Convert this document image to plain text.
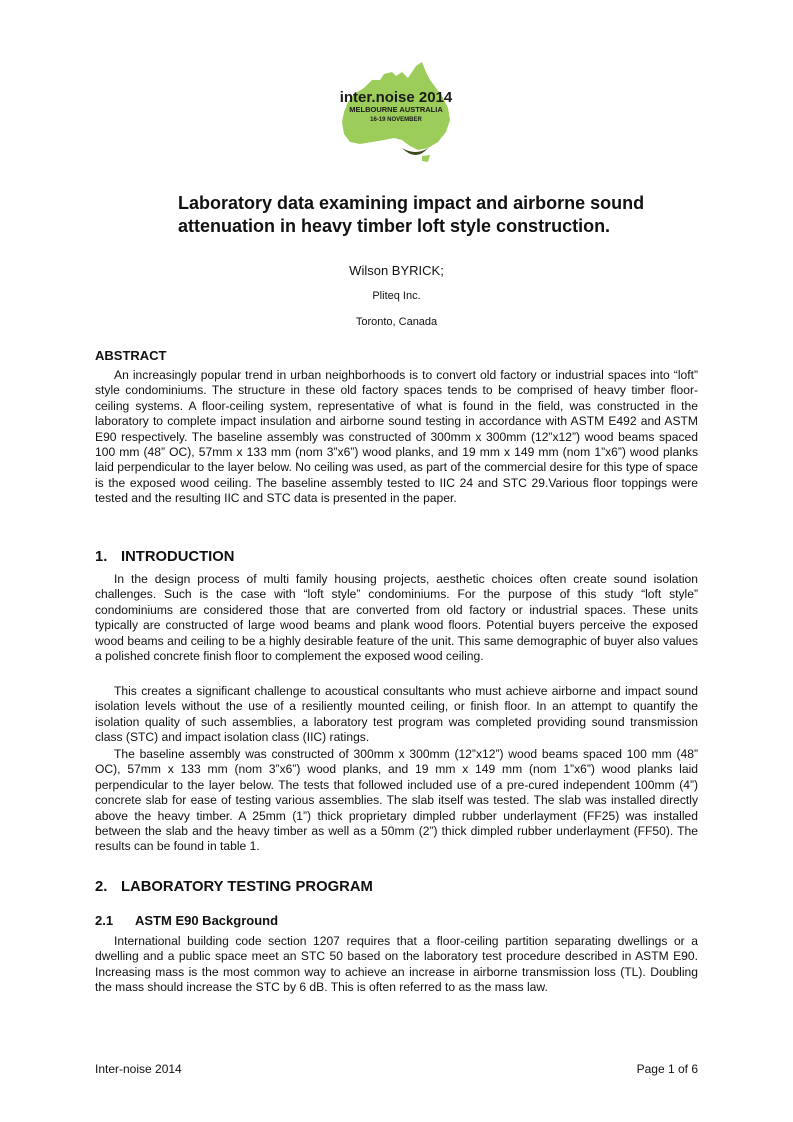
inter.noise 2014
MELBOURNE AUSTRALIA
16-19 NOVEMBER
Laboratory data examining impact and airborne sound
attenuation in heavy timber loft style construction.
Wilson BYRICK;
Pliteq Inc.
Toronto, Canada
ABSTRACT

An increasingly popular trend in urban neighborhoods is to convert old factory or industrial spaces into “loft” style condominiums. The structure in these old factory spaces tends to be comprised of heavy timber floor-ceiling systems. A floor-ceiling system, representative of what is found in the field, was constructed in the laboratory to complete impact insulation and airborne sound testing in accordance with ASTM E492 and ASTM E90 respectively. The baseline assembly was constructed of 300mm x 300mm (12”x12”) wood beams spaced 100 mm (48” OC), 57mm x 133 mm (nom 3”x6”) wood planks, and 19 mm x 149 mm (nom 1”x6”) wood planks laid perpendicular to the layer below. No ceiling was used, as part of the commercial desire for this type of space is the exposed wood ceiling. The baseline assembly tested to IIC 24 and STC 29.Various floor toppings were tested and the resulting IIC and STC data is presented in the paper.

1. INTRODUCTION

In the design process of multi family housing projects, aesthetic choices often create sound isolation challenges. Such is the case with “loft style” condominiums. For the purpose of this study “loft style” condominiums are considered those that are converted from old factory or industrial spaces. These units typically are constructed of large wood beams and plank wood floors. Potential buyers perceive the exposed wood beams and ceiling to be a highly desirable feature of the unit. This same demographic of buyer also values a polished concrete finish floor to complement the exposed wood ceiling.

This creates a significant challenge to acoustical consultants who must achieve airborne and impact sound isolation levels without the use of a resiliently mounted ceiling, or finish floor. In an attempt to quantify the isolation quality of such assemblies, a laboratory test program was completed providing sound transmission class (STC) and impact isolation class (IIC) ratings.

The baseline assembly was constructed of 300mm x 300mm (12”x12”) wood beams spaced 100 mm (48” OC), 57mm x 133 mm (nom 3”x6”) wood planks, and 19 mm x 149 mm (nom 1”x6”) wood planks laid perpendicular to the layer below. The tests that followed included use of a pre-cured independent 100mm (4”) concrete slab for ease of testing various assemblies. The slab itself was tested. The slab was installed directly above the heavy timber. A 25mm (1”) thick proprietary dimpled rubber underlayment (FF25) was installed between the slab and the heavy timber as well as a 50mm (2”) thick dimpled rubber underlayment (FF50). The results can be found in table 1.

2. LABORATORY TESTING PROGRAM
2.1 ASTM E90 Background

International building code section 1207 requires that a floor-ceiling partition separating dwellings or a dwelling and a public space meet an STC 50 based on the laboratory test procedure described in ASTM E90. Increasing mass is the most common way to achieve an increase in airborne transmission loss (TL). Doubling the mass should increase the STC by 6 dB. This is often referred to as the mass law.

Inter-noise 2014	Page 1 of 6
